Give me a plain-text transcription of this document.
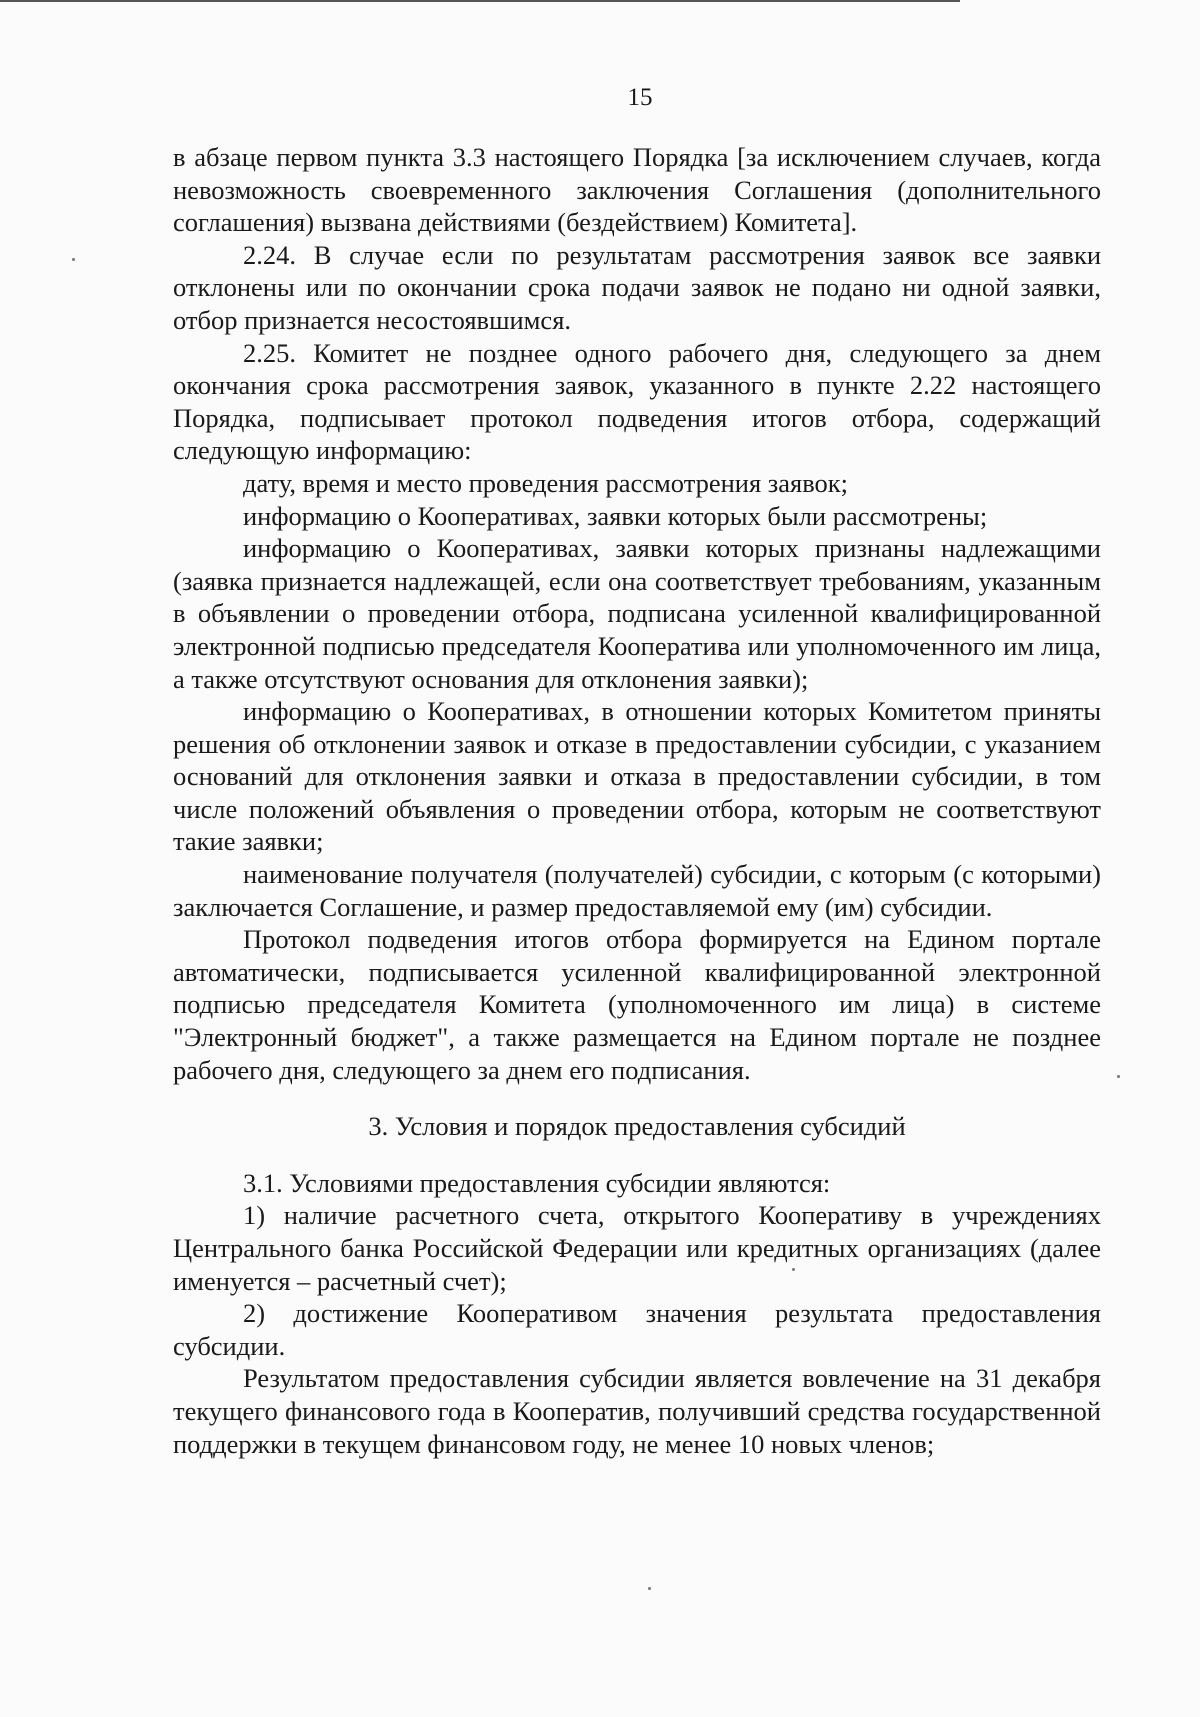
15

в абзаце первом пункта 3.3 настоящего Порядка [за исключением случаев, когда невозможность своевременного заключения Соглашения (дополнительного соглашения) вызвана действиями (бездействием) Комитета].

2.24. В случае если по результатам рассмотрения заявок все заявки отклонены или по окончании срока подачи заявок не подано ни одной заявки, отбор признается несостоявшимся.

2.25. Комитет не позднее одного рабочего дня, следующего за днем окончания срока рассмотрения заявок, указанного в пункте 2.22 настоящего Порядка, подписывает протокол подведения итогов отбора, содержащий следующую информацию:

дату, время и место проведения рассмотрения заявок;

информацию о Кооперативах, заявки которых были рассмотрены;

информацию о Кооперативах, заявки которых признаны надлежащими (заявка признается надлежащей, если она соответствует требованиям, указанным в объявлении о проведении отбора, подписана усиленной квалифицированной электронной подписью председателя Кооператива или уполномоченного им лица, а также отсутствуют основания для отклонения заявки);

информацию о Кооперативах, в отношении которых Комитетом приняты решения об отклонении заявок и отказе в предоставлении субсидии, с указанием оснований для отклонения заявки и отказа в предоставлении субсидии, в том числе положений объявления о проведении отбора, которым не соответствуют такие заявки;

наименование получателя (получателей) субсидии, с которым (с которыми) заключается Соглашение, и размер предоставляемой ему (им) субсидии.

Протокол подведения итогов отбора формируется на Едином портале автоматически, подписывается усиленной квалифицированной электронной подписью председателя Комитета (уполномоченного им лица) в системе "Электронный бюджет", а также размещается на Едином портале не позднее рабочего дня, следующего за днем его подписания.

3. Условия и порядок предоставления субсидий

3.1. Условиями предоставления субсидии являются:

1) наличие расчетного счета, открытого Кооперативу в учреждениях Центрального банка Российской Федерации или кредитных организациях (далее именуется – расчетный счет);

2) достижение Кооперативом значения результата предоставления субсидии.

Результатом предоставления субсидии является вовлечение на 31 декабря текущего финансового года в Кооператив, получивший средства государственной поддержки в текущем финансовом году, не менее 10 новых членов;
